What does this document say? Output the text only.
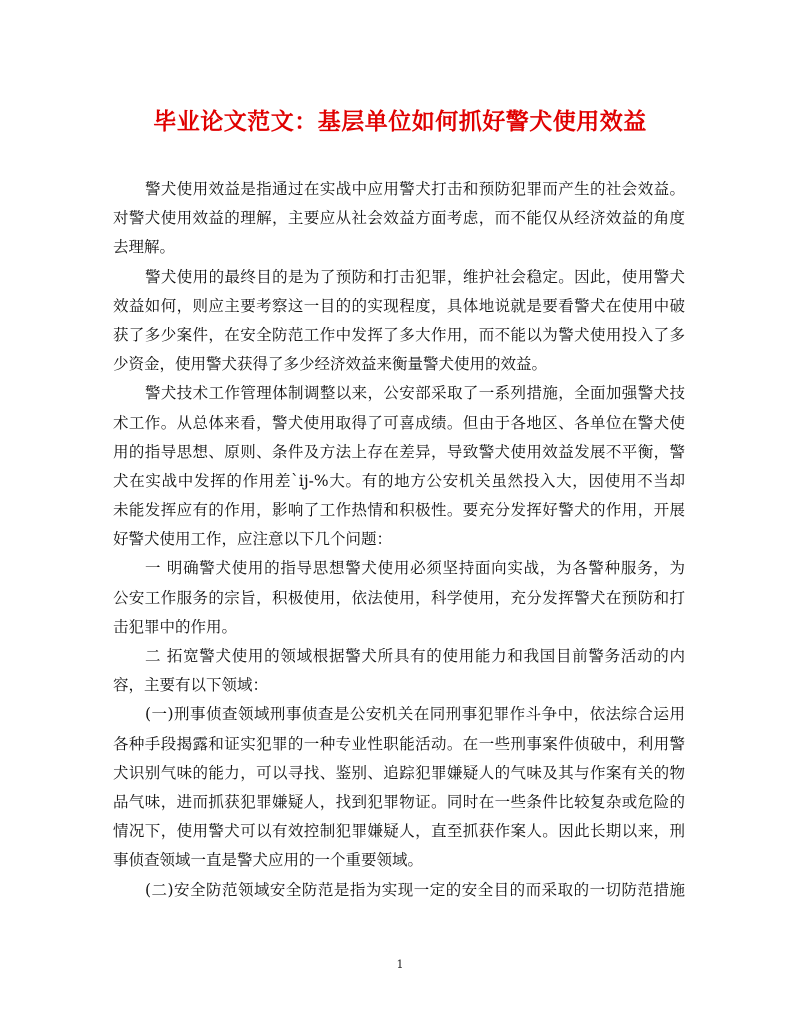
毕业论文范文：基层单位如何抓好警犬使用效益
警犬使用效益是指通过在实战中应用警犬打击和预防犯罪而产生的社会效益。
对警犬使用效益的理解，主要应从社会效益方面考虑，而不能仅从经济效益的角度
去理解。
警犬使用的最终目的是为了预防和打击犯罪，维护社会稳定。因此，使用警犬
效益如何，则应主要考察这一目的的实现程度，具体地说就是要看警犬在使用中破
获了多少案件，在安全防范工作中发挥了多大作用，而不能以为警犬使用投入了多
少资金，使用警犬获得了多少经济效益来衡量警犬使用的效益。
警犬技术工作管理体制调整以来，公安部采取了一系列措施，全面加强警犬技
术工作。从总体来看，警犬使用取得了可喜成绩。但由于各地区、各单位在警犬使
用的指导思想、原则、条件及方法上存在差异，导致警犬使用效益发展不平衡，警
犬在实战中发挥的作用差`ij-%大。有的地方公安机关虽然投入大，因使用不当却
未能发挥应有的作用，影响了工作热情和积极性。要充分发挥好警犬的作用，开展
好警犬使用工作，应注意以下几个问题：
一 明确警犬使用的指导思想警犬使用必须坚持面向实战，为各警种服务，为
公安工作服务的宗旨，积极使用，依法使用，科学使用，充分发挥警犬在预防和打
击犯罪中的作用。
二 拓宽警犬使用的领域根据警犬所具有的使用能力和我国目前警务活动的内
容，主要有以下领域：
(一)刑事侦查领域刑事侦查是公安机关在同刑事犯罪作斗争中，依法综合运用
各种手段揭露和证实犯罪的一种专业性职能活动。在一些刑事案件侦破中，利用警
犬识别气味的能力，可以寻找、鉴别、追踪犯罪嫌疑人的气味及其与作案有关的物
品气味，进而抓获犯罪嫌疑人，找到犯罪物证。同时在一些条件比较复杂或危险的
情况下，使用警犬可以有效控制犯罪嫌疑人，直至抓获作案人。因此长期以来，刑
事侦查领域一直是警犬应用的一个重要领域。
(二)安全防范领域安全防范是指为实现一定的安全目的而采取的一切防范措施
1
